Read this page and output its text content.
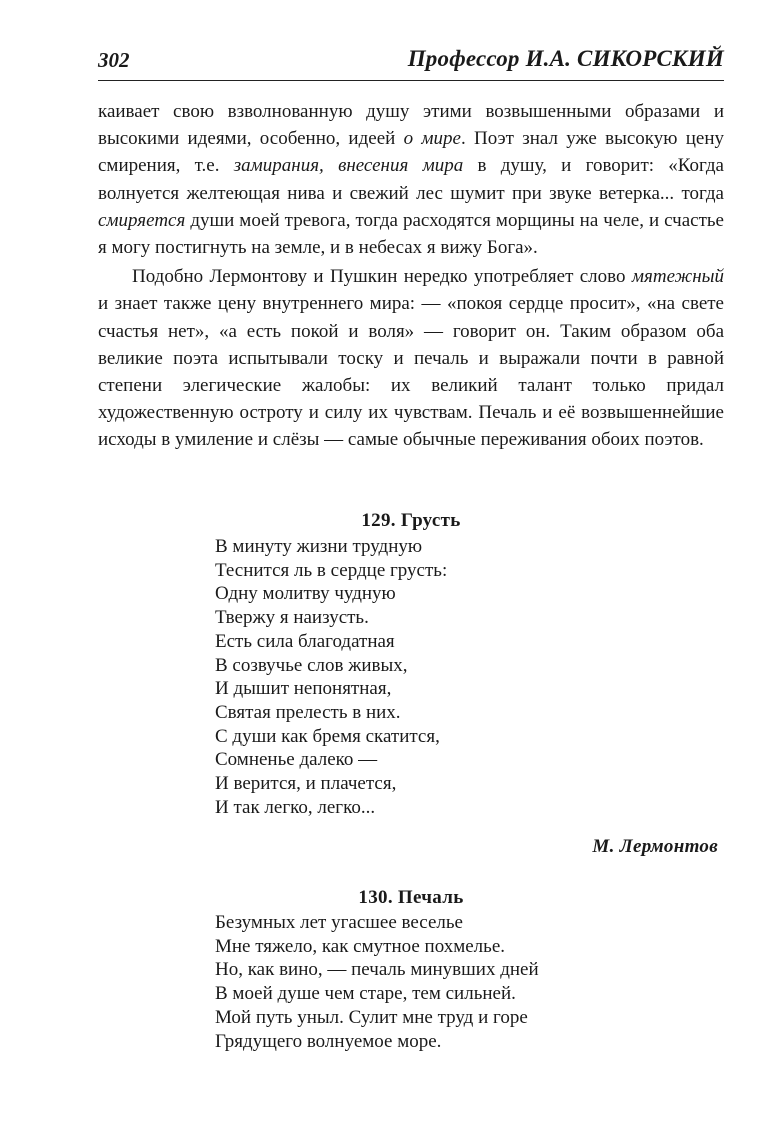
302	Профессор И.А. СИКОРСКИЙ

каивает свою взволнованную душу этими возвышенными образами и высокими идеями, особенно, идеей о мире. Поэт знал уже высокую цену смирения, т.е. замирания, внесения мира в душу, и говорит: «Когда волнуется желтеющая нива и свежий лес шумит при звуке ветерка... тогда смиряется души моей тревога, тогда расходятся морщины на челе, и счастье я могу постигнуть на земле, и в небесах я вижу Бога».

Подобно Лермонтову и Пушкин нередко употребляет слово мятежный и знает также цену внутреннего мира: — «покоя сердце просит», «на свете счастья нет», «а есть покой и воля» — говорит он. Таким образом оба великие поэта испытывали тоску и печаль и выражали почти в равной степени элегические жалобы: их великий талант только придал художественную остроту и силу их чувствам. Печаль и её возвышеннейшие исходы в умиление и слёзы — самые обычные переживания обоих поэтов.

129. Грусть
В минуту жизни трудную
Теснится ль в сердце грусть:
Одну молитву чудную
Твержу я наизусть.
Есть сила благодатная
В созвучье слов живых,
И дышит непонятная,
Святая прелесть в них.
С души как бремя скатится,
Сомненье далеко —
И верится, и плачется,
И так легко, легко...
М. Лермонтов
130. Печаль
Безумных лет угасшее веселье
Мне тяжело, как смутное похмелье.
Но, как вино, — печаль минувших дней
В моей душе чем старе, тем сильней.
Мой путь уныл. Сулит мне труд и горе
Грядущего волнуемое море.
